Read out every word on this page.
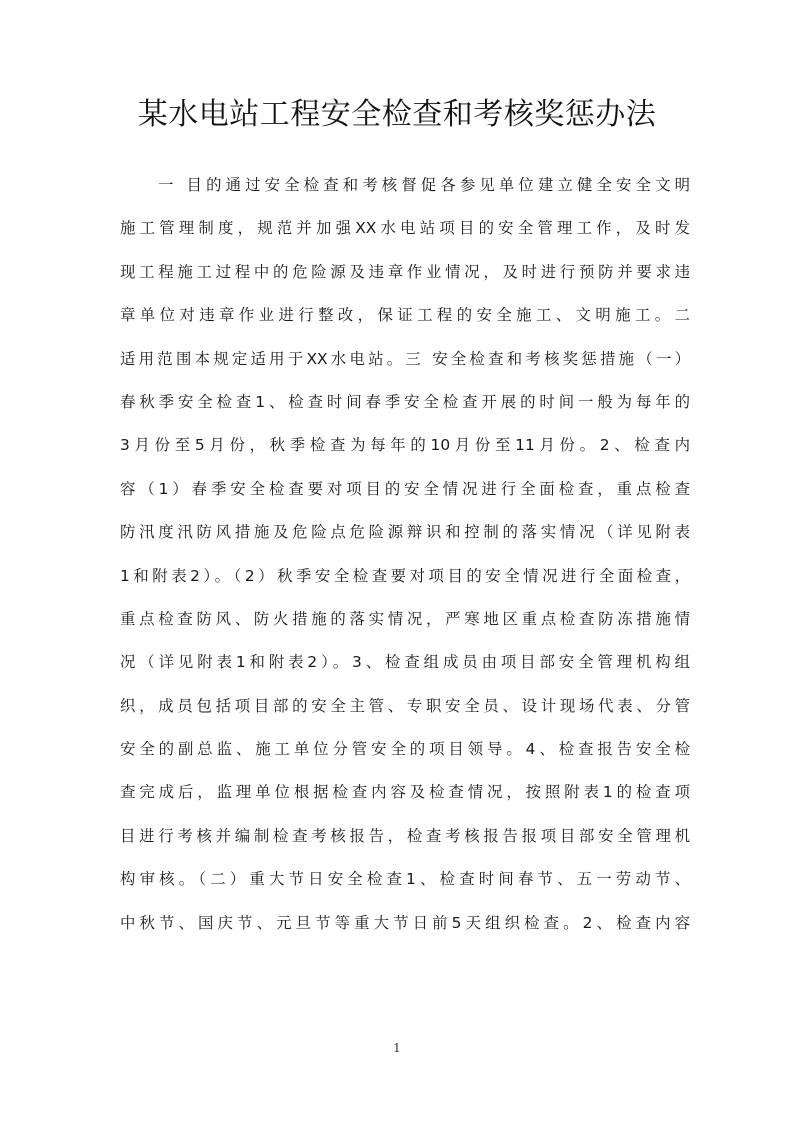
某水电站工程安全检查和考核奖惩办法
一 目的通过安全检查和考核督促各参见单位建立健全安全文明
施工管理制度，规范并加强XX水电站项目的安全管理工作，及时发
现工程施工过程中的危险源及违章作业情况，及时进行预防并要求违
章单位对违章作业进行整改，保证工程的安全施工、文明施工。二
适用范围本规定适用于XX水电站。三 安全检查和考核奖惩措施（一）
春秋季安全检查1、检查时间春季安全检查开展的时间一般为每年的
3月份至5月份，秋季检查为每年的10月份至11月份。2、检查内
容（1）春季安全检查要对项目的安全情况进行全面检查，重点检查
防汛度汛防风措施及危险点危险源辩识和控制的落实情况（详见附表
1和附表2）。（2）秋季安全检查要对项目的安全情况进行全面检查，
重点检查防风、防火措施的落实情况，严寒地区重点检查防冻措施情
况（详见附表1和附表2）。3、检查组成员由项目部安全管理机构组
织，成员包括项目部的安全主管、专职安全员、设计现场代表、分管
安全的副总监、施工单位分管安全的项目领导。4、检查报告安全检
查完成后，监理单位根据检查内容及检查情况，按照附表1的检查项
目进行考核并编制检查考核报告，检查考核报告报项目部安全管理机
构审核。（二）重大节日安全检查1、检查时间春节、五一劳动节、
中秋节、国庆节、元旦节等重大节日前5天组织检查。2、检查内容
1
